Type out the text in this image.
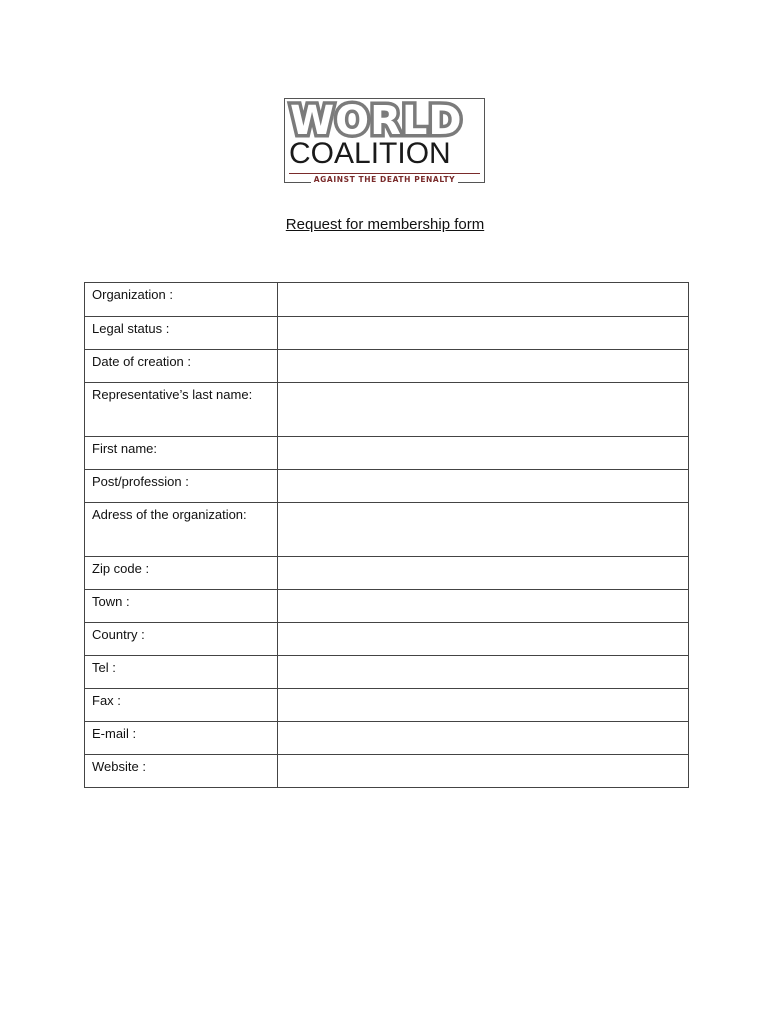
WORLD
COALITION
AGAINST THE DEATH PENALTY
Request for membership form
Organization :	
Legal status :	
Date of creation :	
Representative’s last name:	
First name:	
Post/profession :	
Adress of the organization:	
Zip code :	
Town :	
Country :	
Tel :	
Fax :	
E-mail :	
Website :	
